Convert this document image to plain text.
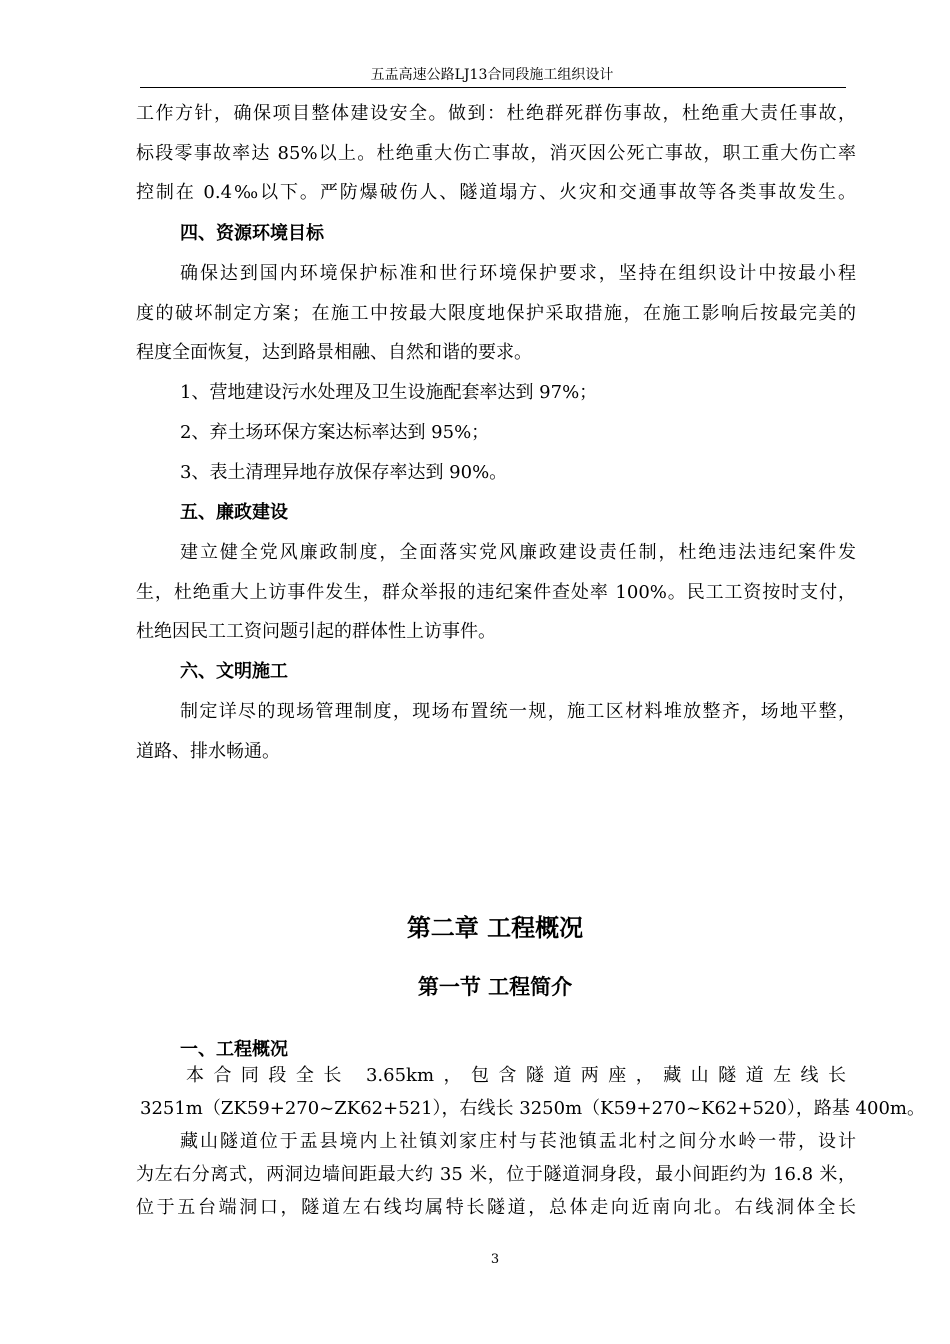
五盂高速公路LJ13合同段施工组织设计
工作方针，确保项目整体建设安全。做到：杜绝群死群伤事故，杜绝重大责任事故，
标段零事故率达 85%以上。杜绝重大伤亡事故，消灭因公死亡事故，职工重大伤亡率
控制在 0.4‰以下。严防爆破伤人、隧道塌方、火灾和交通事故等各类事故发生。
四、资源环境目标
确保达到国内环境保护标准和世行环境保护要求，坚持在组织设计中按最小程
度的破坏制定方案；在施工中按最大限度地保护采取措施，在施工影响后按最完美的
程度全面恢复，达到路景相融、自然和谐的要求。
1、营地建设污水处理及卫生设施配套率达到 97%；
2、弃土场环保方案达标率达到 95%；
3、表土清理异地存放保存率达到 90%。
五、廉政建设
建立健全党风廉政制度，全面落实党风廉政建设责任制，杜绝违法违纪案件发
生，杜绝重大上访事件发生，群众举报的违纪案件查处率 100%。民工工资按时支付，
杜绝因民工工资问题引起的群体性上访事件。
六、文明施工
制定详尽的现场管理制度，现场布置统一规，施工区材料堆放整齐，场地平整，
道路、排水畅通。
第二章 工程概况
第一节 工程简介
一、工程概况
本合同段全长 3.65km，包含隧道两座，藏山隧道左线长
3251m（ZK59+270~ZK62+521），右线长 3250m（K59+270~K62+520），路基 400m。
藏山隧道位于盂县境内上社镇刘家庄村与苌池镇盂北村之间分水岭一带，设计
为左右分离式，两洞边墙间距最大约 35 米，位于隧道洞身段，最小间距约为 16.8 米，
位于五台端洞口，隧道左右线均属特长隧道，总体走向近南向北。右线洞体全长
3
